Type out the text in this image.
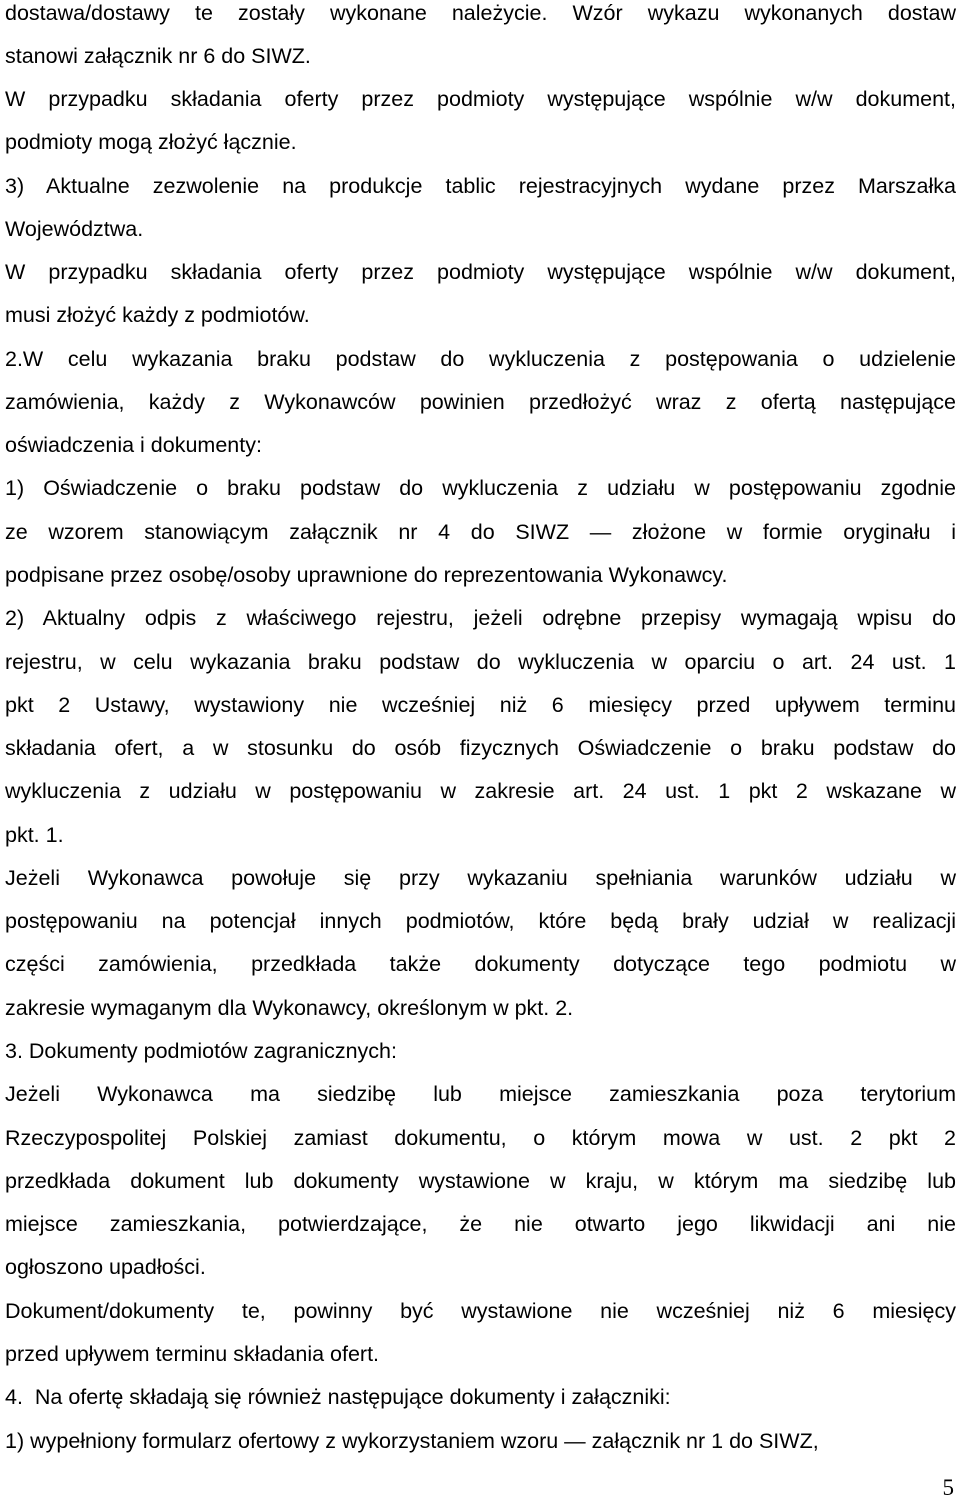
dostawa/dostawy te zostały wykonane należycie. Wzór wykazu wykonanych dostaw
stanowi załącznik nr 6 do SIWZ.
W przypadku składania oferty przez podmioty występujące wspólnie w/w dokument,
podmioty mogą złożyć łącznie.
3) Aktualne zezwolenie na produkcje tablic rejestracyjnych wydane przez Marszałka
Województwa.
W przypadku składania oferty przez podmioty występujące wspólnie w/w dokument,
musi złożyć każdy z podmiotów.
2.W celu wykazania braku podstaw do wykluczenia z postępowania o udzielenie
zamówienia, każdy z Wykonawców powinien przedłożyć wraz z ofertą następujące
oświadczenia i dokumenty:
1) Oświadczenie o braku podstaw do wykluczenia z udziału w postępowaniu zgodnie
ze wzorem stanowiącym załącznik nr 4 do SIWZ — złożone w formie oryginału i
podpisane przez osobę/osoby uprawnione do reprezentowania Wykonawcy.
2) Aktualny odpis z właściwego rejestru, jeżeli odrębne przepisy wymagają wpisu do
rejestru, w celu wykazania braku podstaw do wykluczenia w oparciu o art. 24 ust. 1
pkt 2 Ustawy, wystawiony nie wcześniej niż 6 miesięcy przed upływem terminu
składania ofert, a w stosunku do osób fizycznych Oświadczenie o braku podstaw do
wykluczenia z udziału w postępowaniu w zakresie art. 24 ust. 1 pkt 2 wskazane w
pkt. 1.
Jeżeli Wykonawca powołuje się przy wykazaniu spełniania warunków udziału w
postępowaniu na potencjał innych podmiotów, które będą brały udział w realizacji
części zamówienia, przedkłada także dokumenty dotyczące tego podmiotu w
zakresie wymaganym dla Wykonawcy, określonym w pkt. 2.
3. Dokumenty podmiotów zagranicznych:
Jeżeli Wykonawca ma siedzibę lub miejsce zamieszkania poza terytorium
Rzeczypospolitej Polskiej zamiast dokumentu, o którym mowa w ust. 2 pkt 2
przedkłada dokument lub dokumenty wystawione w kraju, w którym ma siedzibę lub
miejsce zamieszkania, potwierdzające, że nie otwarto jego likwidacji ani nie
ogłoszono upadłości.
Dokument/dokumenty te, powinny być wystawione nie wcześniej niż 6 miesięcy
przed upływem terminu składania ofert.
4.  Na ofertę składają się również następujące dokumenty i załączniki:
1) wypełniony formularz ofertowy z wykorzystaniem wzoru — załącznik nr 1 do SIWZ,
5
